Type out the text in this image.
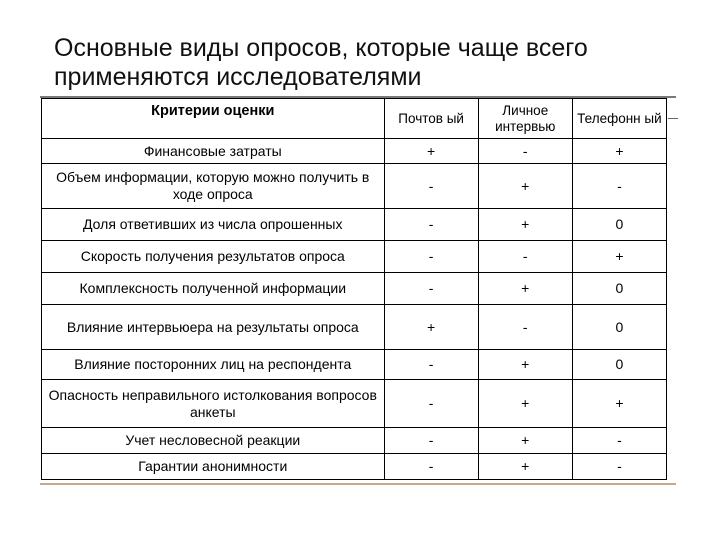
Основные виды опросов, которые чаще всего применяются исследователями
Критерии оценки	Почтов ый	Личное интервью	Телефонн ый
Финансовые затраты	+	-	+
Объем информации, которую можно получить в ходе опроса	-	+	-
Доля ответивших из числа опрошенных	-	+	0
Скорость получения результатов опроса	-	-	+
Комплексность полученной информации	-	+	0
Влияние интервьюера на результаты опроса	+	-	0
Влияние посторонних лиц на респондента	-	+	0
Опасность неправильного истолкования вопросов анкеты	-	+	+
Учет несловесной реакции	-	+	-
Гарантии анонимности	-	+	-
